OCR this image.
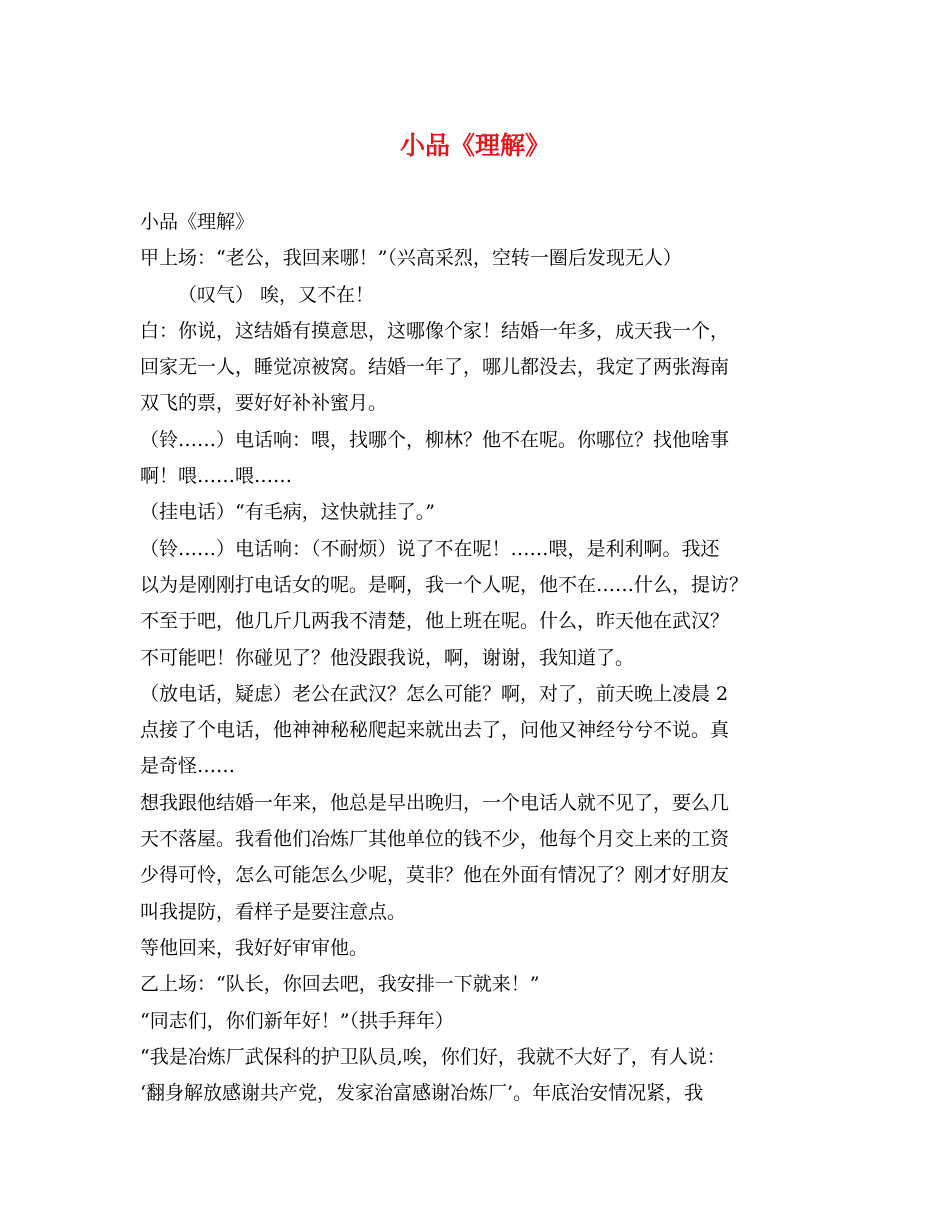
小品《理解》

小品《理解》

甲上场：“老公，我回来哪！”（兴高采烈，空转一圈后发现无人）

（叹气） 唉，又不在！

白：你说，这结婚有摸意思，这哪像个家！结婚一年多，成天我一个，

回家无一人，睡觉凉被窝。结婚一年了，哪儿都没去，我定了两张海南

双飞的票，要好好补补蜜月。

（铃……）电话响：喂，找哪个，柳林？他不在呢。你哪位？找他啥事

啊！喂……喂……

（挂电话）“有毛病，这快就挂了。”

（铃……）电话响：（不耐烦）说了不在呢！……喂，是利利啊。我还

以为是刚刚打电话女的呢。是啊，我一个人呢，他不在……什么，提访？

不至于吧，他几斤几两我不清楚，他上班在呢。什么，昨天他在武汉？

不可能吧！你碰见了？他没跟我说，啊，谢谢，我知道了。

（放电话，疑虑）老公在武汉？怎么可能？啊，对了，前天晚上凌晨 2

点接了个电话，他神神秘秘爬起来就出去了，问他又神经兮兮不说。真

是奇怪……

想我跟他结婚一年来，他总是早出晚归，一个电话人就不见了，要么几

天不落屋。我看他们冶炼厂其他单位的钱不少，他每个月交上来的工资

少得可怜，怎么可能怎么少呢，莫非？他在外面有情况了？刚才好朋友

叫我提防，看样子是要注意点。

等他回来，我好好审审他。

乙上场：“队长，你回去吧，我安排一下就来！”

“同志们，你们新年好！”（拱手拜年）

“我是冶炼厂武保科的护卫队员,唉，你们好，我就不大好了，有人说：

‘翻身解放感谢共产党，发家治富感谢冶炼厂’。年底治安情况紧，我
